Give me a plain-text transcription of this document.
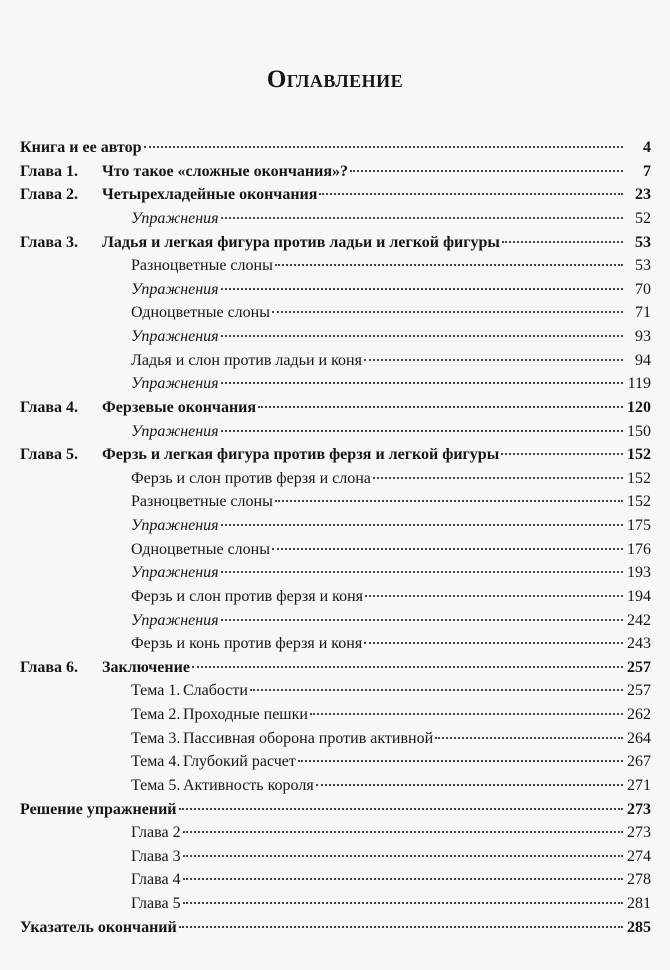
Оглавление
Книга и ее автор	4
Глава 1.	Что такое «сложные окончания»?	7
Глава 2.	Четырехладейные окончания	23
Упражнения	52
Глава 3.	Ладья и легкая фигура против ладьи и легкой фигуры	53
Разноцветные слоны	53
Упражнения	70
Одноцветные слоны	71
Упражнения	93
Ладья и слон против ладьи и коня	94
Упражнения	119
Глава 4.	Ферзевые окончания	120
Упражнения	150
Глава 5.	Ферзь и легкая фигура против ферзя и легкой фигуры	152
Ферзь и слон против ферзя и слона	152
Разноцветные слоны	152
Упражнения	175
Одноцветные слоны	176
Упражнения	193
Ферзь и слон против ферзя и коня	194
Упражнения	242
Ферзь и конь против ферзя и коня	243
Глава 6.	Заключение	257
Тема 1. Слабости	257
Тема 2. Проходные пешки	262
Тема 3. Пассивная оборона против активной	264
Тема 4. Глубокий расчет	267
Тема 5. Активность короля	271
Решение упражнений	273
Глава 2	273
Глава 3	274
Глава 4	278
Глава 5	281
Указатель окончаний	285
